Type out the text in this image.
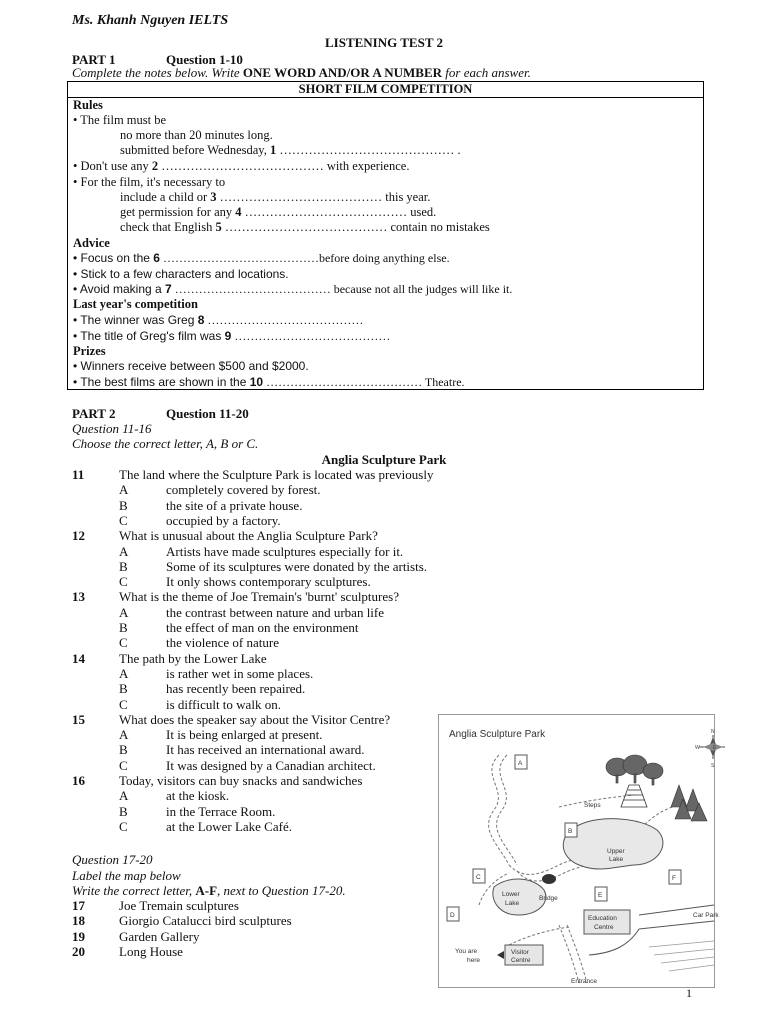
Ms. Khanh Nguyen IELTS
LISTENING TEST 2
PART 1	Question 1-10
Complete the notes below. Write ONE WORD AND/OR A NUMBER for each answer.
SHORT FILM COMPETITION
Rules
• The film must be
no more than 20 minutes long.
submitted before Wednesday, 1 …………………………………… .
• Don't use any 2 ………………………………… with experience.
• For the film, it's necessary to
include a child or 3 ………………………………… this year.
get permission for any 4 ………………………………… used.
check that English 5 ………………………………… contain no mistakes
Advice
• Focus on the 6 …………………………………before doing anything else.
• Stick to a few characters and locations.
• Avoid making a 7 ………………………………… because not all the judges will like it.
Last year's competition
• The winner was Greg 8 …………………………………
• The title of Greg's film was 9 …………………………………
Prizes
• Winners receive between $500 and $2000.
• The best films are shown in the 10 ………………………………… Theatre.
PART 2	Question 11-20
Question 11-16
Choose the correct letter, A, B or C.
Anglia Sculpture Park
11	The land where the Sculpture Park is located was previously
A	completely covered by forest.
B	the site of a private house.
C	occupied by a factory.
12	What is unusual about the Anglia Sculpture Park?
A	Artists have made sculptures especially for it.
B	Some of its sculptures were donated by the artists.
C	It only shows contemporary sculptures.
13	What is the theme of Joe Tremain's 'burnt' sculptures?
A	the contrast between nature and urban life
B	the effect of man on the environment
C	the violence of nature
14	The path by the Lower Lake
A	is rather wet in some places.
B	has recently been repaired.
C	is difficult to walk on.
15	What does the speaker say about the Visitor Centre?
A	It is being enlarged at present.
B	It has received an international award.
C	It was designed by a Canadian architect.
16	Today, visitors can buy snacks and sandwiches
A	at the kiosk.
B	in the Terrace Room.
C	at the Lower Lake Café.
Question 17-20
Label the map below
Write the correct letter, A-F, next to Question 17-20.
17	Joe Tremain sculptures
18	Giorgio Catalucci bird sculptures
19	Garden Gallery
20	Long House
Anglia Sculpture Park	N
W	E
S
Steps
Upper
Lake
Lower
Lake
Bridge
Education
Centre
Car Park
Visitor
Centre
You are
here
Entrance
A
B
C
D
E
F
1
